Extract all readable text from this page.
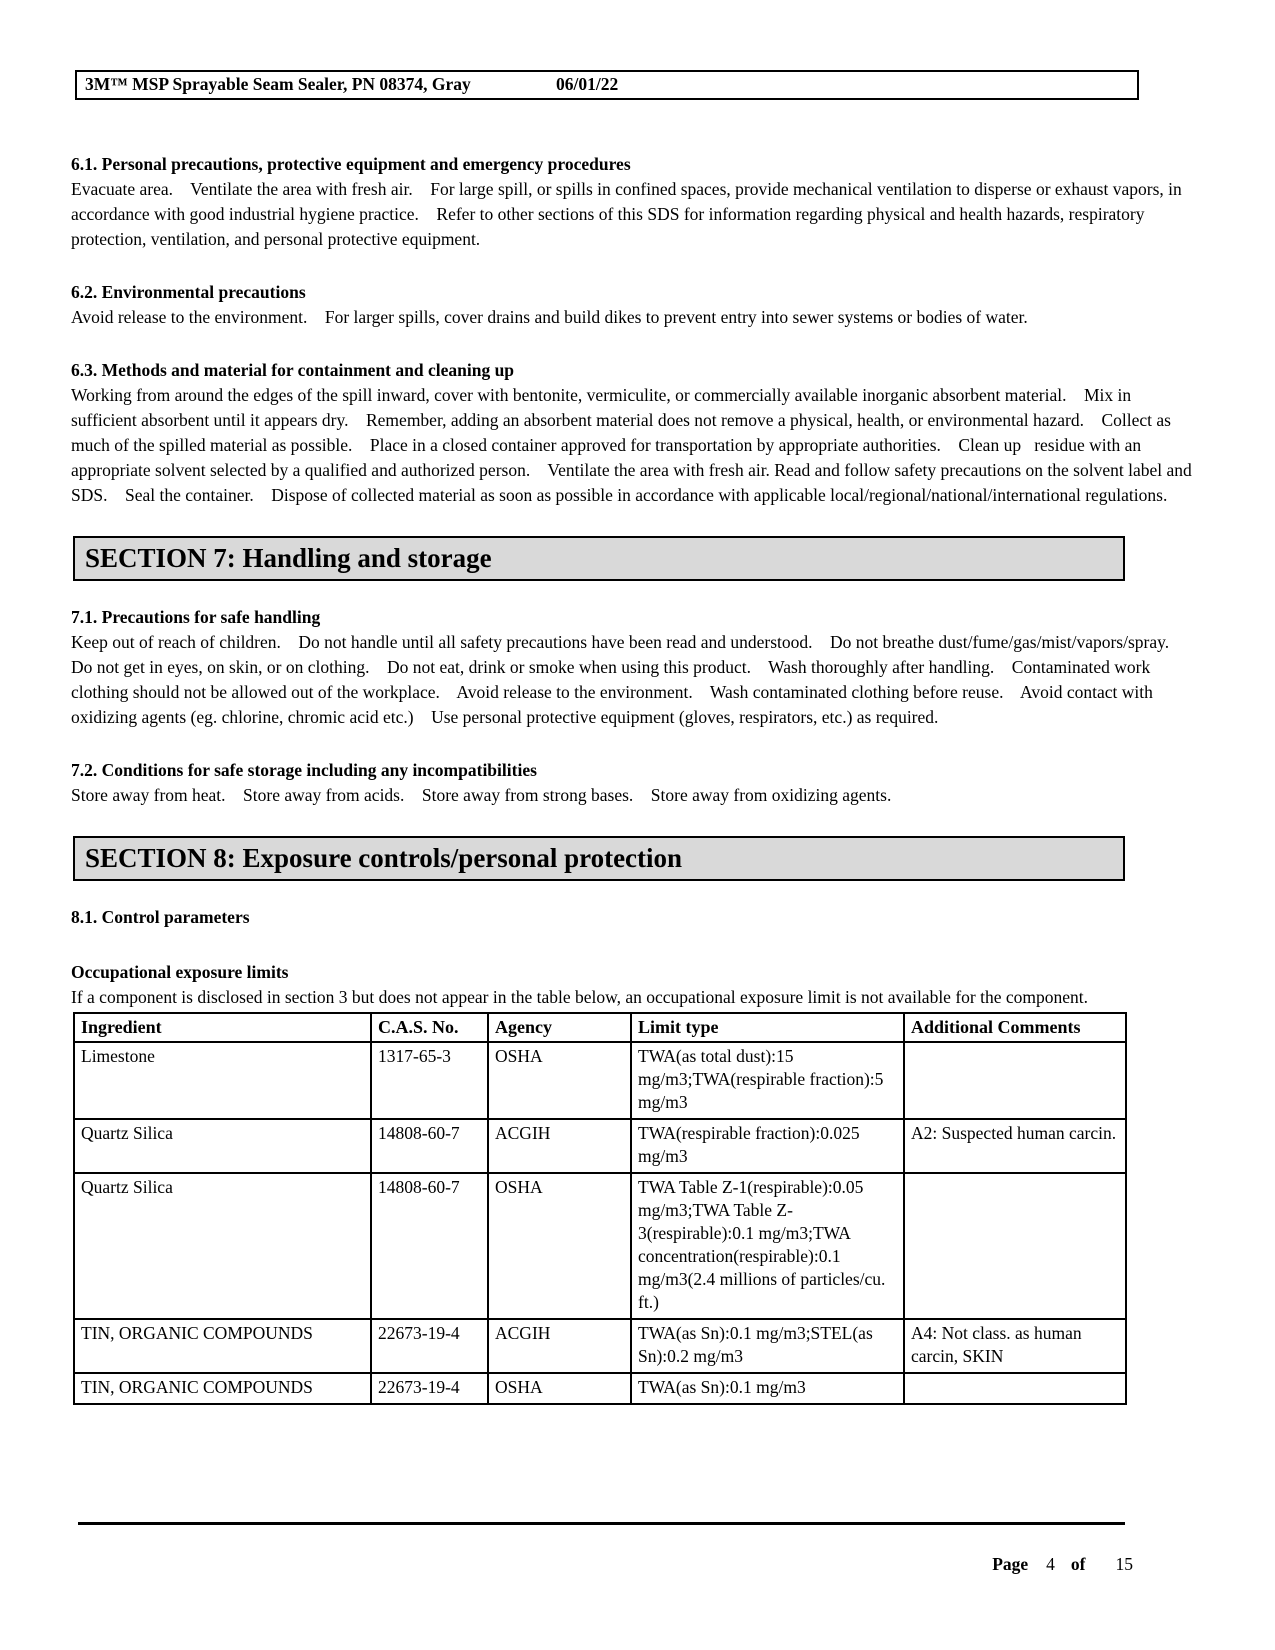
3M™ MSP Sprayable Seam Sealer, PN 08374, Gray	06/01/22

6.1. Personal precautions, protective equipment and emergency procedures

Evacuate area.    Ventilate the area with fresh air.    For large spill, or spills in confined spaces, provide mechanical ventilation to disperse or exhaust vapors, in accordance with good industrial hygiene practice.    Refer to other sections of this SDS for information regarding physical and health hazards, respiratory protection, ventilation, and personal protective equipment.

6.2. Environmental precautions

Avoid release to the environment.    For larger spills, cover drains and build dikes to prevent entry into sewer systems or bodies of water.

6.3. Methods and material for containment and cleaning up

Working from around the edges of the spill inward, cover with bentonite, vermiculite, or commercially available inorganic absorbent material.    Mix in sufficient absorbent until it appears dry.    Remember, adding an absorbent material does not remove a physical, health, or environmental hazard.    Collect as much of the spilled material as possible.    Place in a closed container approved for transportation by appropriate authorities.    Clean up   residue with an appropriate solvent selected by a qualified and authorized person.    Ventilate the area with fresh air. Read and follow safety precautions on the solvent label and SDS.    Seal the container.    Dispose of collected material as soon as possible in accordance with applicable local/regional/national/international regulations.

SECTION 7: Handling and storage

7.1. Precautions for safe handling

Keep out of reach of children.    Do not handle until all safety precautions have been read and understood.    Do not breathe dust/fume/gas/mist/vapors/spray.    Do not get in eyes, on skin, or on clothing.    Do not eat, drink or smoke when using this product.    Wash thoroughly after handling.    Contaminated work clothing should not be allowed out of the workplace.    Avoid release to the environment.    Wash contaminated clothing before reuse.    Avoid contact with oxidizing agents (eg. chlorine, chromic acid etc.)    Use personal protective equipment (gloves, respirators, etc.) as required.

7.2. Conditions for safe storage including any incompatibilities

Store away from heat.    Store away from acids.    Store away from strong bases.    Store away from oxidizing agents.

SECTION 8: Exposure controls/personal protection

8.1. Control parameters

Occupational exposure limits

If a component is disclosed in section 3 but does not appear in the table below, an occupational exposure limit is not available for the component.

Ingredient	C.A.S. No.	Agency	Limit type	Additional Comments
Limestone	1317-65-3	OSHA	TWA(as total dust):15 mg/m3;TWA(respirable fraction):5 mg/m3	
Quartz Silica	14808-60-7	ACGIH	TWA(respirable fraction):0.025 mg/m3	A2: Suspected human carcin.
Quartz Silica	14808-60-7	OSHA	TWA Table Z-1(respirable):0.05 mg/m3;TWA Table Z-3(respirable):0.1 mg/m3;TWA concentration(respirable):0.1 mg/m3(2.4 millions of particles/cu. ft.)	
TIN, ORGANIC COMPOUNDS	22673-19-4	ACGIH	TWA(as Sn):0.1 mg/m3;STEL(as Sn):0.2 mg/m3	A4: Not class. as human carcin, SKIN
TIN, ORGANIC COMPOUNDS	22673-19-4	OSHA	TWA(as Sn):0.1 mg/m3	
Page 4 of 15
